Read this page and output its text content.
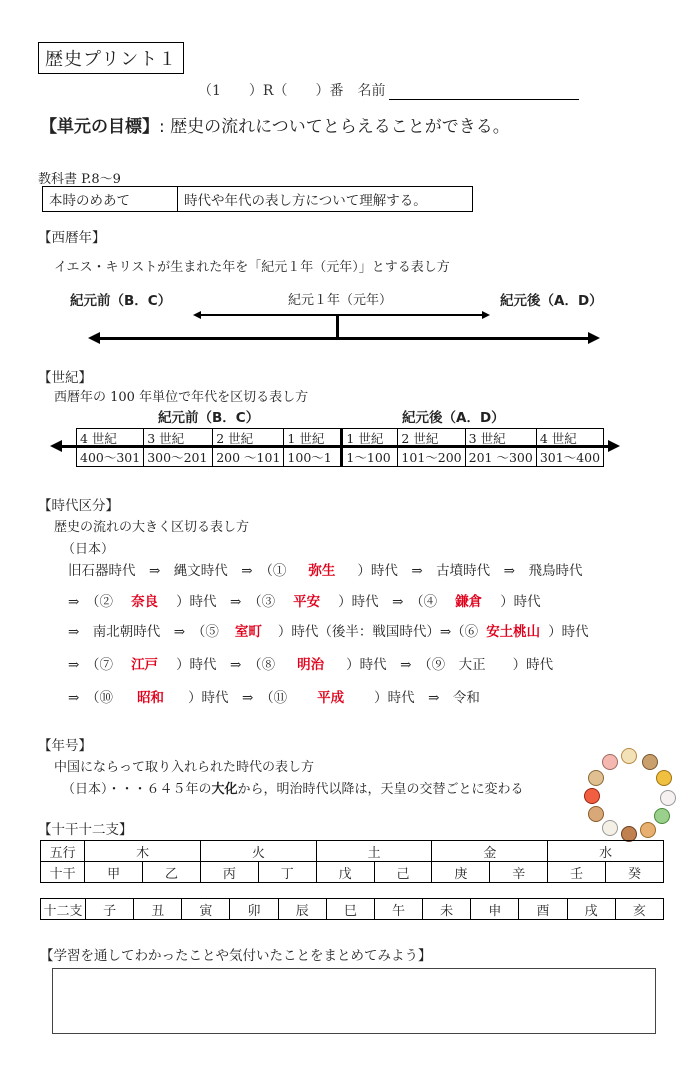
歴史プリント１
（1　　）R（　　）番　名前
【単元の目標】: 歴史の流れについてとらえることができる。
教科書 P.8～9
本時のめあて	時代や年代の表し方について理解する。
【西暦年】
イエス・キリストが生まれた年を「紀元１年（元年）」とする表し方
紀元前（B．C）	紀元１年（元年）	紀元後（A．D）
【世紀】
西暦年の 100 年単位で年代を区切る表し方
紀元前（B．C）	紀元後（A．D）
4 世紀	3 世紀	2 世紀	1 世紀	1 世紀	2 世紀	3 世紀	4 世紀
400～301	300～201	200 ～101	100～1	1～100	101～200	201 ～300	301～400
【時代区分】
歴史の流れの大きく区切る表し方
（日本）
旧石器時代　⇒　縄文時代　⇒　（① 弥生 ）時代　⇒　古墳時代　⇒　飛鳥時代
⇒　（② 奈良 ）時代　⇒　（③ 平安 ）時代　⇒　（④ 鎌倉 ）時代
⇒　南北朝時代　⇒　（⑤ 室町 ）時代（後半：戦国時代）⇒（⑥ 安土桃山 ）時代
⇒　（⑦ 江戸 ）時代　⇒　（⑧ 明治 ）時代　⇒　（⑨　大正　　）時代
⇒　（⑩ 昭和 ）時代　⇒　（⑪ 平成 ）時代　⇒　令和
【年号】
中国にならって取り入れられた時代の表し方
（日本）・・・６４５年の大化から，明治時代以降は，天皇の交替ごとに変わる
【十干十二支】
五行	木		火		土		金		水	
十干	甲	乙	丙	丁	戊	己	庚	辛	壬	癸
十二支	子	丑	寅	卯	辰	巳	午	未	申	酉	戌	亥
【学習を通してわかったことや気付いたことをまとめてみよう】
